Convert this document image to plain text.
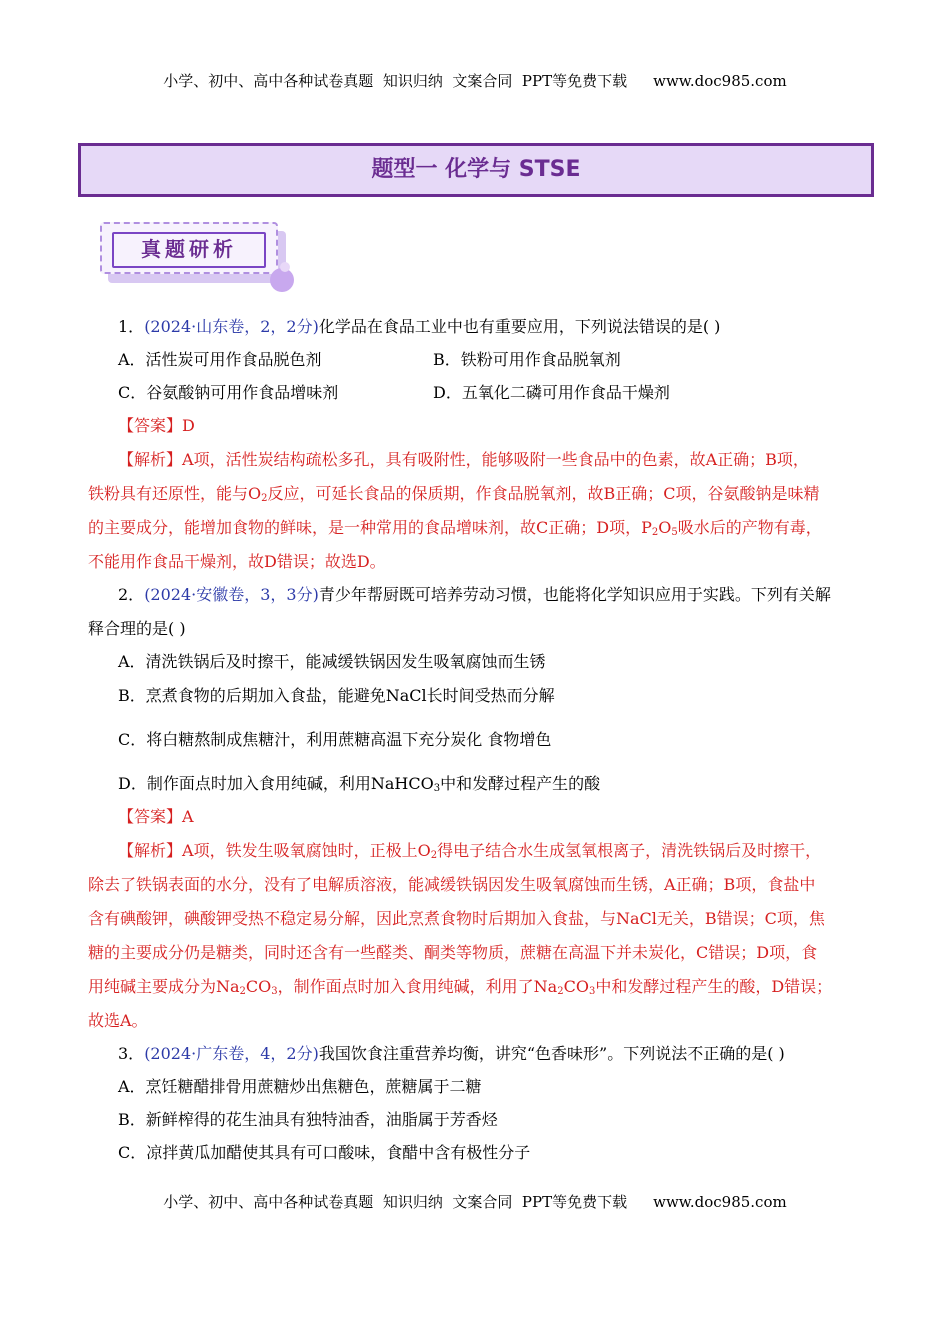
小学、初中、高中各种试卷真题  知识归纳  文案合同  PPT等免费下载 www.doc985.com
题型一 化学与 STSE
真题研析
1．(2024·山东卷，2，2分)化学品在食品工业中也有重要应用，下列说法错误的是( )
A．活性炭可用作食品脱色剂	B．铁粉可用作食品脱氧剂
C．谷氨酸钠可用作食品增味剂	D．五氧化二磷可用作食品干燥剂
【答案】D
【解析】A项，活性炭结构疏松多孔，具有吸附性，能够吸附一些食品中的色素，故A正确；B项，
铁粉具有还原性，能与$O_2$反应，可延长食品的保质期，作食品脱氧剂，故B正确；C项，谷氨酸钠是味精
的主要成分，能增加食物的鲜味，是一种常用的食品增味剂，故C正确；D项，$P_2O_5$吸水后的产物有毒，
不能用作食品干燥剂，故D错误；故选D。
2．(2024·安徽卷，3，3分)青少年帮厨既可培养劳动习惯，也能将化学知识应用于实践。下列有关解
释合理的是( )
A．清洗铁锅后及时擦干，能减缓铁锅因发生吸氧腐蚀而生锈
B．烹煮食物的后期加入食盐，能避免NaCl长时间受热而分解
C．将白糖熬制成焦糖汁，利用蔗糖高温下充分炭化 食物增色
D．制作面点时加入食用纯碱，利用NaHCO$_3$中和发酵过程产生的酸
【答案】A
【解析】A项，铁发生吸氧腐蚀时，正极上$O_2$得电子结合水生成氢氧根离子，清洗铁锅后及时擦干，
除去了铁锅表面的水分，没有了电解质溶液，能减缓铁锅因发生吸氧腐蚀而生锈，A正确；B项，食盐中
含有碘酸钾，碘酸钾受热不稳定易分解，因此烹煮食物时后期加入食盐，与NaCl无关，B错误；C项，焦
糖的主要成分仍是糖类，同时还含有一些醛类、酮类等物质，蔗糖在高温下并未炭化，C错误；D项，食
用纯碱主要成分为$Na_2CO_3$，制作面点时加入食用纯碱，利用了$Na_2CO_3$中和发酵过程产生的酸，D错误；
故选A。
3．(2024·广东卷，4，2分)我国饮食注重营养均衡，讲究“色香味形”。下列说法不正确的是( )
A．烹饪糖醋排骨用蔗糖炒出焦糖色，蔗糖属于二糖
B．新鲜榨得的花生油具有独特油香，油脂属于芳香烃
C．凉拌黄瓜加醋使其具有可口酸味，食醋中含有极性分子
小学、初中、高中各种试卷真题  知识归纳  文案合同  PPT等免费下载 www.doc985.com
